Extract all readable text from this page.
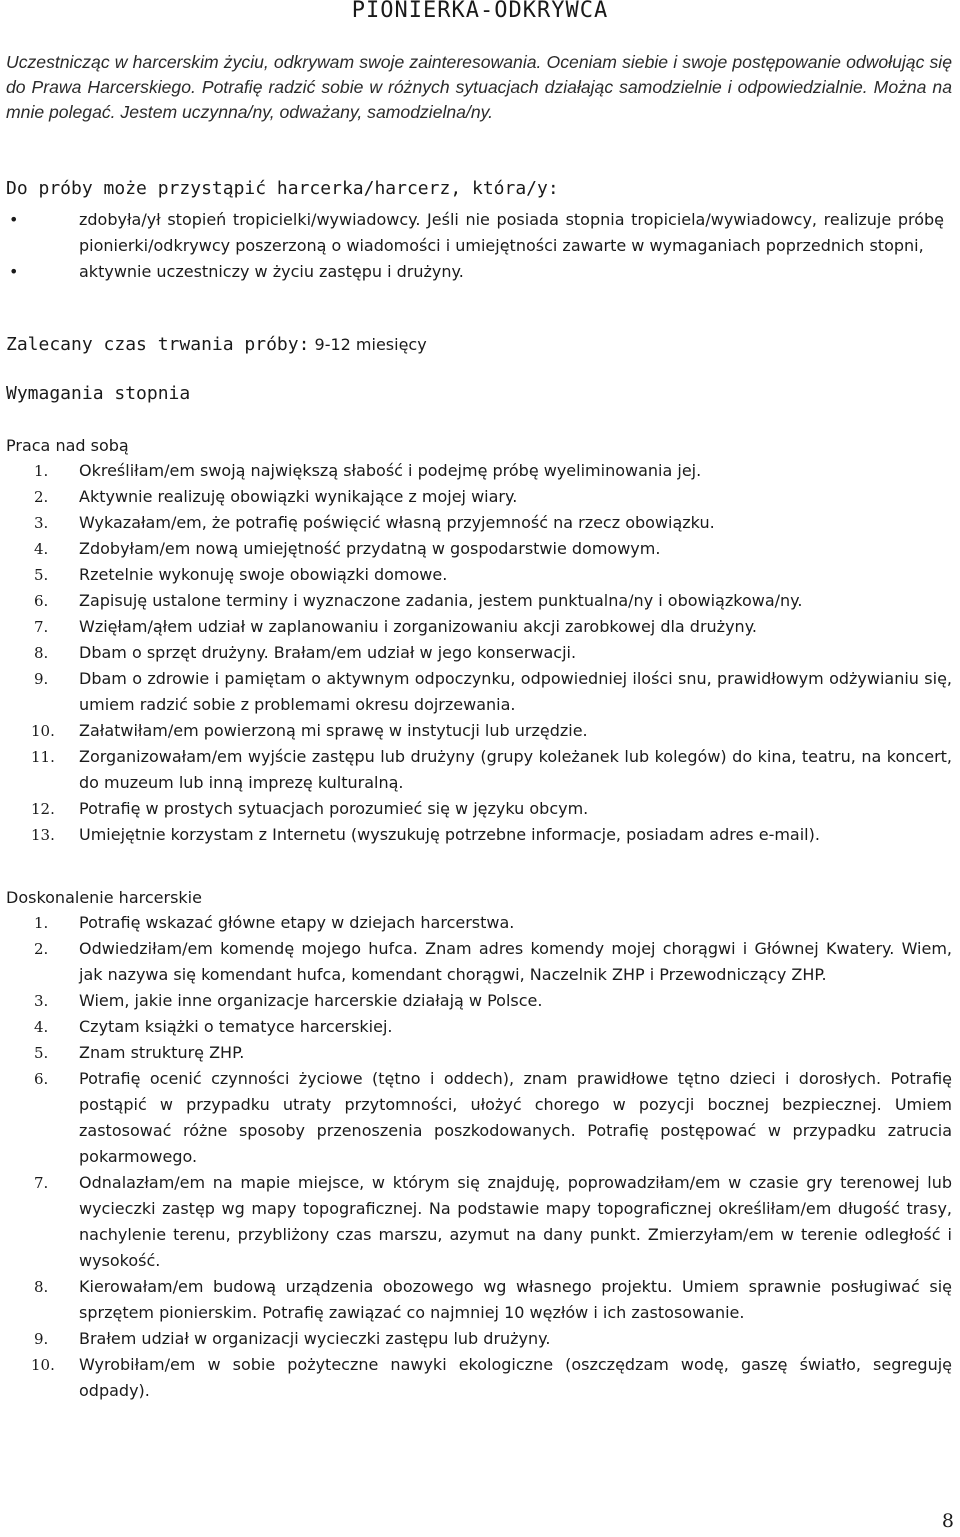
PIONIERKA-ODKRYWCA
Uczestnicząc w harcerskim życiu, odkrywam swoje zainteresowania. Oceniam siebie i swoje postępowanie odwołując się do Prawa Harcerskiego. Potrafię radzić sobie w różnych sytuacjach działając samodzielnie i odpowiedzialnie. Można na mnie polegać. Jestem uczynna/ny, odważany, samodzielna/ny.
Do próby może przystąpić harcerka/harcerz, która/y:
•	zdobyła/ył stopień tropicielki/wywiadowcy. Jeśli nie posiada stopnia tropiciela/wywiadowcy, realizuje próbę pionierki/odkrywcy poszerzoną o wiadomości i umiejętności zawarte w wymaganiach poprzednich stopni,
•	aktywnie uczestniczy w życiu zastępu i drużyny.
Zalecany czas trwania próby: 9-12 miesięcy
Wymagania stopnia
Praca nad sobą
1. Określiłam/em swoją największą słabość i podejmę próbę wyeliminowania jej.
2. Aktywnie realizuję obowiązki wynikające z mojej wiary.
3. Wykazałam/em, że potrafię poświęcić własną przyjemność na rzecz obowiązku.
4. Zdobyłam/em nową umiejętność przydatną w gospodarstwie domowym.
5. Rzetelnie wykonuję swoje obowiązki domowe.
6. Zapisuję ustalone terminy i wyznaczone zadania, jestem punktualna/ny i obowiązkowa/ny.
7. Wzięłam/ąłem udział w zaplanowaniu i zorganizowaniu akcji zarobkowej dla drużyny.
8. Dbam o sprzęt drużyny. Brałam/em udział w jego konserwacji.
9. Dbam o zdrowie i pamiętam o aktywnym odpoczynku, odpowiedniej ilości snu, prawidłowym odżywianiu się, umiem radzić sobie z problemami okresu dojrzewania.
10. Załatwiłam/em powierzoną mi sprawę w instytucji lub urzędzie.
11. Zorganizowałam/em wyjście zastępu lub drużyny (grupy koleżanek lub kolegów) do kina, teatru, na koncert, do muzeum lub inną imprezę kulturalną.
12. Potrafię w prostych sytuacjach porozumieć się w języku obcym.
13. Umiejętnie korzystam z Internetu (wyszukuję potrzebne informacje, posiadam adres e-mail).
Doskonalenie harcerskie
1. Potrafię wskazać główne etapy w dziejach harcerstwa.
2. Odwiedziłam/em komendę mojego hufca. Znam adres komendy mojej chorągwi i Głównej Kwatery. Wiem, jak nazywa się komendant hufca, komendant chorągwi, Naczelnik ZHP i Przewodniczący ZHP.
3. Wiem, jakie inne organizacje harcerskie działają w Polsce.
4. Czytam książki o tematyce harcerskiej.
5. Znam strukturę ZHP.
6. Potrafię ocenić czynności życiowe (tętno i oddech), znam prawidłowe tętno dzieci i dorosłych. Potrafię postąpić w przypadku utraty przytomności, ułożyć chorego w pozycji bocznej bezpiecznej. Umiem zastosować różne sposoby przenoszenia poszkodowanych. Potrafię postępować w przypadku zatrucia pokarmowego.
7. Odnalazłam/em na mapie miejsce, w którym się znajduję, poprowadziłam/em w czasie gry terenowej lub wycieczki zastęp wg mapy topograficznej. Na podstawie mapy topograficznej określiłam/em długość trasy, nachylenie terenu, przybliżony czas marszu, azymut na dany punkt. Zmierzyłam/em w terenie odległość i wysokość.
8. Kierowałam/em budową urządzenia obozowego wg własnego projektu. Umiem sprawnie posługiwać się sprzętem pionierskim. Potrafię zawiązać co najmniej 10 węzłów i ich zastosowanie.
9. Brałem udział w organizacji wycieczki zastępu lub drużyny.
10. Wyrobiłam/em w sobie pożyteczne nawyki ekologiczne (oszczędzam wodę, gaszę światło, segreguję odpady).
8
